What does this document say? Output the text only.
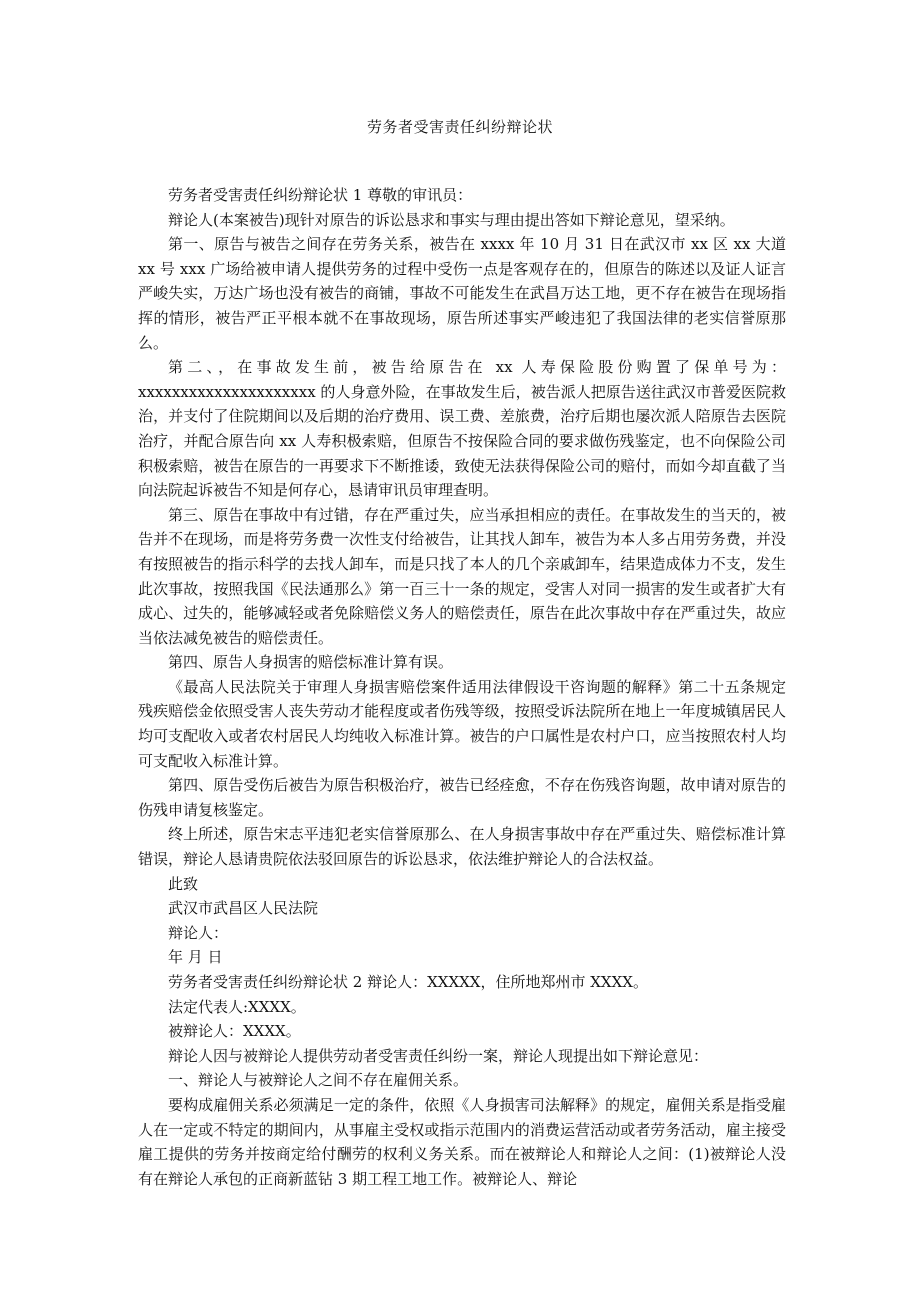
劳务者受害责任纠纷辩论状

劳务者受害责任纠纷辩论状 1 尊敬的审讯员：

辩论人(本案被告)现针对原告的诉讼恳求和事实与理由提出答如下辩论意见，望采纳。

第一、原告与被告之间存在劳务关系，被告在 xxxx 年 10 月 31 日在武汉市 xx 区 xx 大道 xx 号 xxx 广场给被申请人提供劳务的过程中受伤一点是客观存在的，但原告的陈述以及证人证言严峻失实，万达广场也没有被告的商铺，事故不可能发生在武昌万达工地，更不存在被告在现场指挥的情形，被告严正平根本就不在事故现场，原告所述事实严峻违犯了我国法律的老实信誉原那么。

第二、，在事故发生前，被告给原告在 xx 人寿保险股份购置了保单号为：xxxxxxxxxxxxxxxxxxxxx 的人身意外险，在事故发生后，被告派人把原告送往武汉市普爱医院救治，并支付了住院期间以及后期的治疗费用、误工费、差旅费，治疗后期也屡次派人陪原告去医院治疗，并配合原告向 xx 人寿积极索赔，但原告不按保险合同的要求做伤残鉴定，也不向保险公司积极索赔，被告在原告的一再要求下不断推诿，致使无法获得保险公司的赔付，而如今却直截了当向法院起诉被告不知是何存心，恳请审讯员审理查明。

第三、原告在事故中有过错，存在严重过失，应当承担相应的责任。在事故发生的当天的，被告并不在现场，而是将劳务费一次性支付给被告，让其找人卸车，被告为本人多占用劳务费，并没有按照被告的指示科学的去找人卸车，而是只找了本人的几个亲戚卸车，结果造成体力不支，发生此次事故，按照我国《民法通那么》第一百三十一条的规定，受害人对同一损害的发生或者扩大有成心、过失的，能够减轻或者免除赔偿义务人的赔偿责任，原告在此次事故中存在严重过失，故应当依法减免被告的赔偿责任。

第四、原告人身损害的赔偿标准计算有误。

《最高人民法院关于审理人身损害赔偿案件适用法律假设干咨询题的解释》第二十五条规定 残疾赔偿金依照受害人丧失劳动才能程度或者伤残等级，按照受诉法院所在地上一年度城镇居民人均可支配收入或者农村居民人均纯收入标准计算。被告的户口属性是农村户口，应当按照农村人均可支配收入标准计算。

第四、原告受伤后被告为原告积极治疗，被告已经痊愈，不存在伤残咨询题，故申请对原告的伤残申请复核鉴定。

终上所述，原告宋志平违犯老实信誉原那么、在人身损害事故中存在严重过失、赔偿标准计算错误，辩论人恳请贵院依法驳回原告的诉讼恳求，依法维护辩论人的合法权益。

此致

武汉市武昌区人民法院

辩论人：

年 月 日

劳务者受害责任纠纷辩论状 2 辩论人：XXXXX，住所地郑州市 XXXX。

法定代表人:XXXX。

被辩论人：XXXX。

辩论人因与被辩论人提供劳动者受害责任纠纷一案，辩论人现提出如下辩论意见：

一、辩论人与被辩论人之间不存在雇佣关系。

要构成雇佣关系必须满足一定的条件，依照《人身损害司法解释》的规定，雇佣关系是指受雇人在一定或不特定的期间内，从事雇主受权或指示范围内的消费运营活动或者劳务活动，雇主接受雇工提供的劳务并按商定给付酬劳的权利义务关系。而在被辩论人和辩论人之间：(1)被辩论人没有在辩论人承包的正商新蓝钻 3 期工程工地工作。被辩论人、辩论
